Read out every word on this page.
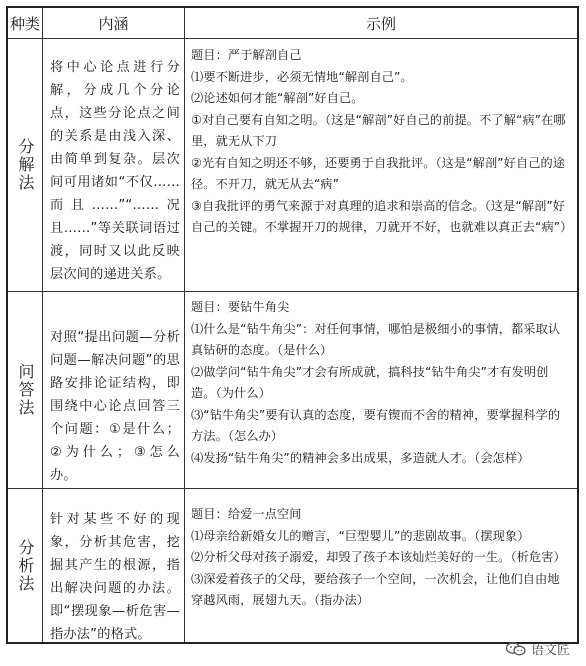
种类	内涵	示例
分解法
将中心论点进行分解，分成几个分论点，这些分论点之间的关系是由浅入深、由简单到复杂。层次间可用诸如“不仅……而且……”“……况且……”等关联词语过渡，同时又以此反映层次间的递进关系。

题目：严于解剖自己

⑴要不断进步，必须无情地“解剖自己”。

⑵论述如何才能“解剖”好自己。

①对自己要有自知之明。（这是“解剖”好自己的前提。不了解“病”在哪里，就无从下刀

②光有自知之明还不够，还要勇于自我批评。（这是“解剖”好自己的途径。不开刀，就无从去“病”

③自我批评的勇气来源于对真理的追求和崇高的信念。（这是“解剖”好自己的关键。不掌握开刀的规律，刀就开不好，也就难以真正去“病”）

问答法
对照“提出问题—分析问题—解决问题”的思路安排论证结构，即围绕中心论点回答三个问题：①是什么；②为什么；③怎么办。

题目：要钻牛角尖

⑴什么是“钻牛角尖”：对任何事情，哪怕是极细小的事情，都采取认真钻研的态度。（是什么）

⑵做学问“钻牛角尖”才会有所成就，搞科技“钻牛角尖”才有发明创造。（为什么）

⑶“钻牛角尖”要有认真的态度，要有锲而不舍的精神，要掌握科学的方法。（怎么办）

⑷发扬“钻牛角尖”的精神会多出成果，多造就人才。（会怎样）

分析法
针对某些不好的现象，分析其危害，挖掘其产生的根源，指出解决问题的办法。即“摆现象—析危害—指办法”的格式。

题目：给爱一点空间

⑴母亲给新婚女儿的赠言，“巨型婴儿”的悲剧故事。（摆现象）

⑵分析父母对孩子溺爱，却毁了孩子本该灿烂美好的一生。（析危害）

⑶深爱着孩子的父母，要给孩子一个空间，一次机会，让他们自由地穿越风雨，展翅九天。（指办法）

语文匠
